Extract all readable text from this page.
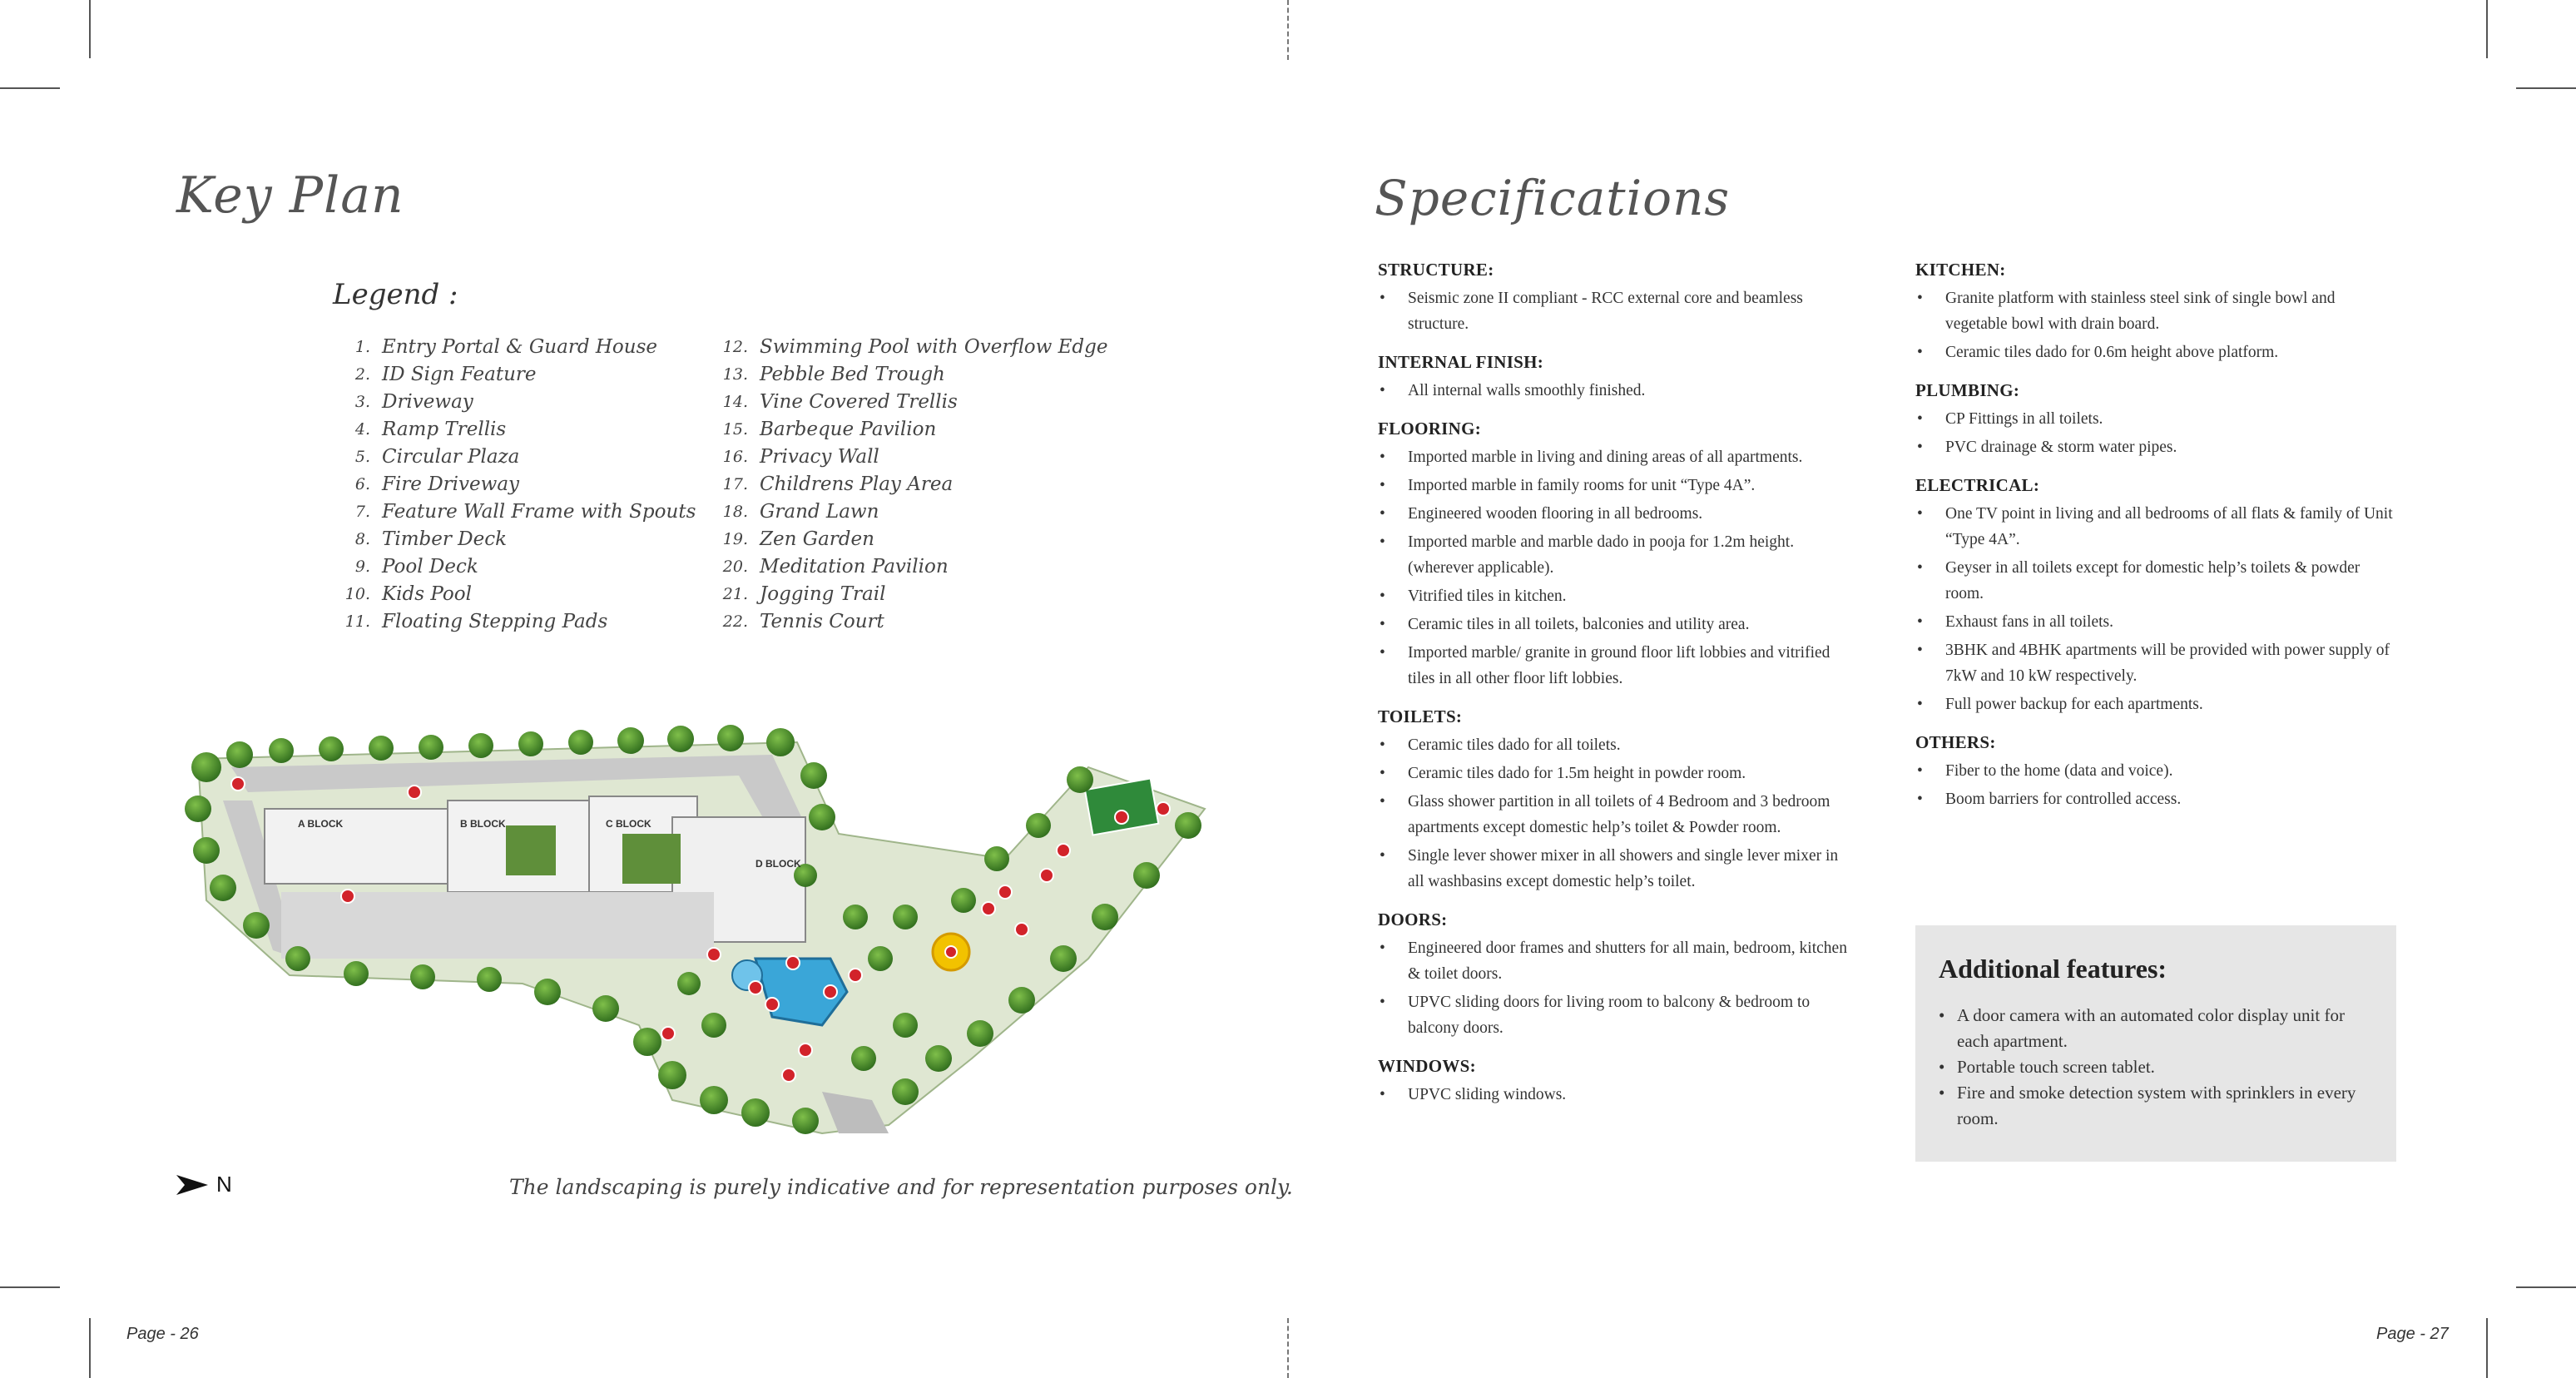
Key Plan
Legend :
1. Entry Portal & Guard House
2. ID Sign Feature
3. Driveway
4. Ramp Trellis
5. Circular Plaza
6. Fire Driveway
7. Feature Wall Frame with Spouts
8. Timber Deck
9. Pool Deck
10. Kids Pool
11. Floating Stepping Pads
12. Swimming Pool with Overflow Edge
13. Pebble Bed Trough
14. Vine Covered Trellis
15. Barbeque Pavilion
16. Privacy Wall
17. Childrens Play Area
18. Grand Lawn
19. Zen Garden
20. Meditation Pavilion
21. Jogging Trail
22. Tennis Court
A BLOCK	B BLOCK	C BLOCK
D BLOCK
N	The landscaping is purely indicative and for representation purposes only.
Page - 26
Specifications
STRUCTURE:
• Seismic zone II compliant - RCC external core and beamless structure.
INTERNAL FINISH:
• All internal walls smoothly finished.
FLOORING:
• Imported marble in living and dining areas of all apartments.
• Imported marble in family rooms for unit “Type 4A”.
• Engineered wooden flooring in all bedrooms.
• Imported marble and marble dado in pooja for 1.2m height. (wherever applicable).
• Vitrified tiles in kitchen.
• Ceramic tiles in all toilets, balconies and utility area.
• Imported marble/ granite in ground floor lift lobbies and vitrified tiles in all other floor lift lobbies.
TOILETS:
• Ceramic tiles dado for all toilets.
• Ceramic tiles dado for 1.5m height in powder room.
• Glass shower partition in all toilets of 4 Bedroom and 3 bedroom apartments except domestic help’s toilet & Powder room.
• Single lever shower mixer in all showers and single lever mixer in all washbasins except domestic help’s toilet.
DOORS:
• Engineered door frames and shutters for all main, bedroom, kitchen & toilet doors.
• UPVC sliding doors for living room to balcony & bedroom to balcony doors.
WINDOWS:
• UPVC sliding windows.
KITCHEN:
• Granite platform with stainless steel sink of single bowl and vegetable bowl with drain board.
• Ceramic tiles dado for 0.6m height above platform.
PLUMBING:
• CP Fittings in all toilets.
• PVC drainage & storm water pipes.
ELECTRICAL:
• One TV point in living and all bedrooms of all flats & family of Unit “Type 4A”.
• Geyser in all toilets except for domestic help’s toilets & powder room.
• Exhaust fans in all toilets.
• 3BHK and 4BHK apartments will be provided with power supply of 7kW and 10 kW respectively.
• Full power backup for each apartments.
OTHERS:
• Fiber to the home (data and voice).
• Boom barriers for controlled access.
Additional features:
• A door camera with an automated color display unit for each apartment.
• Portable touch screen tablet.
• Fire and smoke detection system with sprinklers in every room.
Page - 27
